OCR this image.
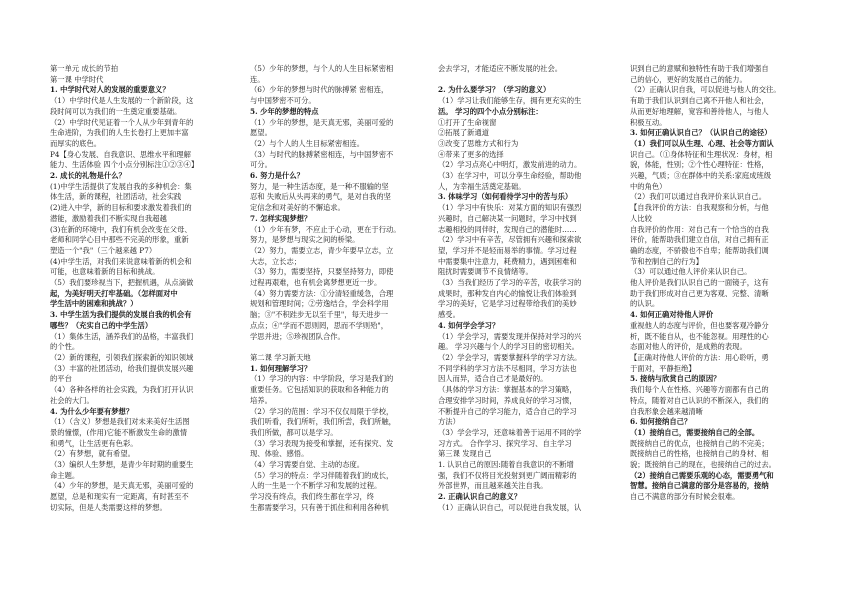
第一单元 成长的节拍

第一课 中学时代

1. 中学时代对人的发展的重要意义？

（1）中学时代是人生发展的一个新阶段，这

段时间可以为我们的一生奠定重要基础。

（2）中学时代见证着一个人从少年到青年的

生命进阶，为我们的人生长卷打上更加丰富

而厚实的底色。

P4【身心发展、自我意识、思维水平和理解

能力、生活体验 四个小点分别标注①②③④】

2. 成长的礼物是什么？

(1)中学生活提供了发展自我的多种机会：集

体生活，新的课程，社团活动，社会实践

(2)进入中学，新的目标和要求激发着我们的

潜能，激励着我们不断实现自我超越

(3)在新的环境中，我们有机会改变在父母、

老师和同学心目中那些不完美的形象，重新

塑造一个"我"（三个越来越 P7）

(4)中学生活，对我们来说意味着新的机会和

可能，也意味着新的目标和挑战。

（5）我们要珍视当下，把握机遇，从点滴做

起，为美好明天打牢基础。（怎样面对中

学生活中的困难和挑战？）

3. 中学生活为我们提供的发展自我的机会有

哪些？（充实自己的中学生活）

（1）集体生活，涵养我们的品格，丰富我们

的个性。

（2）新的课程，引领我们探索新的知识领域

（3）丰富的社团活动，给我们提供发展兴趣

的平台

（4）各种各样的社会实践，为我们打开认识

社会的大门。

4. 为什么少年要有梦想？

（1）（含义）梦想是我们对未来美好生活图

景的憧憬，(作用)它能不断激发生命的激情

和勇气，让生活更有色彩。

（2）有梦想，就有希望。

（3）编织人生梦想，是青少年时期的重要生

命主题。

（4）少年的梦想，是天真无邪，美丽可爱的

愿望，总是和现实有一定距离，有时甚至不

切实际，但是人类需要这样的梦想。

（5）少年的梦想，与个人的人生目标紧密相

连。

（6）少年的梦想与时代的脉搏紧 密相连，

与中国梦密不可分。

5. 少年的梦想的特点

（1）少年的梦想，是天真无邪，美丽可爱的

愿望。

（2）与个人的人生目标紧密相连。

（3）与时代的脉搏紧密相连，与中国梦密不

可分。

6. 努力是什么？

努力，是一种生活态度，是一种不服输的坚

忍和 失败后从头再来的勇气，是对自我的坚

定信念和对美好的不懈追求。

7. 怎样实现梦想？

（1）少年有梦，不应止于心动，更在于行动。

努力，是梦想与现实之间的桥梁。

（2）努力，需要立志，青少年要早立志，立

大志，立长志；

（3）努力，需要坚持，只要坚持努力，即使

过程再艰难，也有机会离梦想更近一步。

（4）努力需要方法：①分清轻重缓急，合理

规划和管理时间；②劳逸结合，学会科学用

脑；③"不积跬步无以至千里"，每天进步一

点点；④"学而不思则罔，思而不学则殆"，

学思并进；⑤珍视团队合作。

第二课 学习新天地

1. 如何理解学习？

（1）学习的内容：中学阶段，学习是我们的

重要任务。它包括知识的获取和各种能力的

培养。

（2）学习的范围：学习不仅仅局限于学校，

我们听看，我们所听，我们所尝，我们所触，

我们所做，都可以是学习。

（3）学习表现为接受和掌握，还有探究、发

现、体验、感悟。

（4）学习需要自觉、主动的态度。

（5）学习的特点：学习伴随着我们的成长，

人的一生是一个不断学习和发展的过程。

学习没有终点，我们终生都在学习，终

生都需要学习，只有善于抓住和利用各种机

会去学习，才能适应不断发展的社会。

2. 为什么要学习？（学习的意义）

（1）学习让我们能够生存，拥有更充实的生

活。 学习的四个小点分别标注：

①打开了生命视窗

②拓展了新通道

③改变了思维方式和行为

④带来了更多的选择

（2）学习点亮心中明灯，激发前进的动力。

（3）在学习中，可以分享生命经验，帮助他

人，为幸福生活奠定基础。

3. 体味学习（如何看待学习中的苦与乐）

（1）学习中有快乐：对某方面的知识有强烈

兴趣时，自己解决某一问题时，学习中找到

志趣相投的同伴时，发现自己的潜能时……

（2）学习中有辛苦，尽管拥有兴趣和探索欲

望，学习并不是轻而易举的事情。学习过程

中需要集中注意力，耗费精力，遇到困难和

阻扰时需要调节不良情绪等。

（3）当我们经历了学习的辛苦，收获学习的

成果时，那种发自内心的愉悦让我们体验到

学习的美好，它是学习过程带给我们的美妙

感受。

4. 如何学会学习？

（1）学会学习，需要发现并保持对学习的兴

趣。 学习兴趣与个人的学习目的密切相关。

（2）学会学习，需要掌握科学的学习方法。

不同学科的学习方法不尽相同，学习方法也

因人而异，适合自己才是最好的。

（具体的学习方法：掌握基本的学习策略，

合理安排学习时间，养成良好的学习习惯，

不断提升自己的学习能力，适合自己的学习

方法）

（3）学会学习，还意味着善于运用不同的学

习方式。 合作学习、探究学习、自主学习

第三课 发现自己

1. 认识自己的原因:随着自我意识的不断增

强，我们不仅将目光投射到更广阔而精彩的

外部世界，而且越来越关注自我。

2. 正确认识自己的意义？

（1）正确认识自己，可以促进自我发展，认

识到自己的意赋和独特性有助于我们增强自

己的信心，更好的发展自己的能力。

（2）正确认识自我，可以促进与他人的交往。

有助于我们认识到自己离不开他人和社会，

从而更好地理解，宽容和善待他人，与他人

积极互动。

3. 如何正确认识自己？（认识自己的途径）

（1）我们可以从生理、心理、社会等方面认

识自己。（①身体特征和生理状况：身材，相

貌，体能，性别；②个性心理特征：性格，

兴趣，气质；③在群体中的关系:家庭成班级

中的角色）

（2）我们可以通过自我评价来认识自己。

【自我评价的方法：自我观察和分析，与他

人比较

自我评价的作用：对自己有一个恰当的自我

评价，能帮助我们建立自信，对自己拥有正

确的态度，不骄傲也不自卑；能帮助我们调

节和控制自己的行为】

（3）可以通过他人评价来认识自己。

他人评价是我们认识自己的一面镜子，这有

助于我们形成对自己更为客观、完整、清晰

的认识。

4. 如何正确对待他人评价

重视他人的态度与评价，但也要客观冷静分

析，既不能自从，也不能忽视。用理性的心

态面对他人的评价，是成熟的表现。

【正确对待他人评价的方法：用心聆听，勇

于面对，平静拒绝】

5. 接纳与欣赏自己的原因？

我们每个人在性格、兴趣等方面都有自己的

特点，随着对自己认识的不断深入，我们的

自我形象会越来越清晰

6. 如何接纳自己？

（1）接纳自己，需要接纳自己的全部。

既接纳自己的优点，也接纳自己的不完美；

既接纳自己的性格，也接纳自己的身材、相

貌；既接纳自己的现在，也接纳自己的过去。

（2）接纳自己需要乐观的心态，需要勇气和

智慧。接纳自己满意的部分是容易的，接纳

自己不满意的部分有时候会很难。
